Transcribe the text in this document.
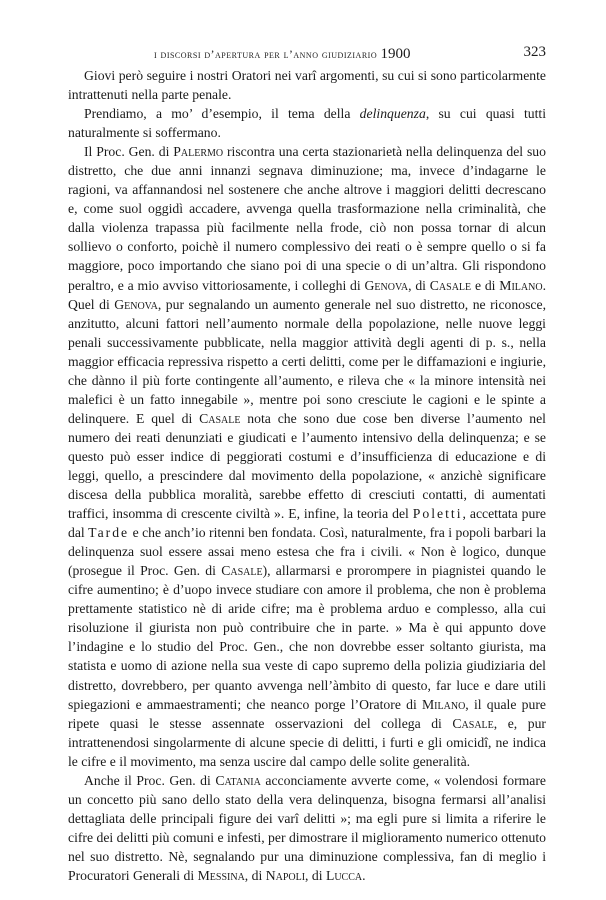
i discorsi d’apertura per l’anno giudiziario 1900	323

Giovi però seguire i nostri Oratori nei varî argomenti, su cui si sono particolarmente intrattenuti nella parte penale.

Prendiamo, a mo’ d’esempio, il tema della delinquenza, su cui quasi tutti naturalmente si soffermano.

Il Proc. Gen. di Palermo riscontra una certa stazionarietà nella delinquenza del suo distretto, che due anni innanzi segnava diminuzione; ma, invece d’indagarne le ragioni, va affannandosi nel sostenere che anche altrove i maggiori delitti decrescano e, come suol oggidì accadere, avvenga quella trasformazione nella criminalità, che dalla violenza trapassa più facilmente nella frode, ciò non possa tornar di alcun sollievo o conforto, poichè il numero complessivo dei reati o è sempre quello o si fa maggiore, poco importando che siano poi di una specie o di un’altra. Gli rispondono peraltro, e a mio avviso vittoriosamente, i colleghi di Genova, di Casale e di Milano. Quel di Genova, pur segnalando un aumento generale nel suo distretto, ne riconosce, anzitutto, alcuni fattori nell’aumento normale della popolazione, nelle nuove leggi penali successivamente pubblicate, nella maggior attività degli agenti di p. s., nella maggior efficacia repressiva rispetto a certi delitti, come per le diffamazioni e ingiurie, che dànno il più forte contingente all’aumento, e rileva che « la minore intensità nei malefici è un fatto innegabile », mentre poi sono cresciute le cagioni e le spinte a delinquere. E quel di Casale nota che sono due cose ben diverse l’aumento nel numero dei reati denunziati e giudicati e l’aumento intensivo della delinquenza; e se questo può esser indice di peggiorati costumi e d’insufficienza di educazione e di leggi, quello, a prescindere dal movimento della popolazione, « anzichè significare discesa della pubblica moralità, sarebbe effetto di cresciuti contatti, di aumentati traffici, insomma di crescente civiltà ». E, infine, la teoria del Poletti, accettata pure dal Tarde e che anch’io ritenni ben fondata. Così, naturalmente, fra i popoli barbari la delinquenza suol essere assai meno estesa che fra i civili. « Non è logico, dunque (prosegue il Proc. Gen. di Casale), allarmarsi e prorompere in piagnistei quando le cifre aumentino; è d’uopo invece studiare con amore il problema, che non è problema prettamente statistico nè di aride cifre; ma è problema arduo e complesso, alla cui risoluzione il giurista non può contribuire che in parte. » Ma è qui appunto dove l’indagine e lo studio del Proc. Gen., che non dovrebbe esser soltanto giurista, ma statista e uomo di azione nella sua veste di capo supremo della polizia giudiziaria del distretto, dovrebbero, per quanto avvenga nell’àmbito di questo, far luce e dare utili spiegazioni e ammaestramenti; che neanco porge l’Oratore di Milano, il quale pure ripete quasi le stesse assennate osservazioni del collega di Casale, e, pur intrattenendosi singolarmente di alcune specie di delitti, i furti e gli omicidî, ne indica le cifre e il movimento, ma senza uscire dal campo delle solite generalità.

Anche il Proc. Gen. di Catania acconciamente avverte come, « volendosi formare un concetto più sano dello stato della vera delinquenza, bisogna fermarsi all’analisi dettagliata delle principali figure dei varî delitti »; ma egli pure si limita a riferire le cifre dei delitti più comuni e infesti, per dimostrare il miglioramento numerico ottenuto nel suo distretto. Nè, segnalando pur una diminuzione complessiva, fan di meglio i Procuratori Generali di Messina, di Napoli, di Lucca.
